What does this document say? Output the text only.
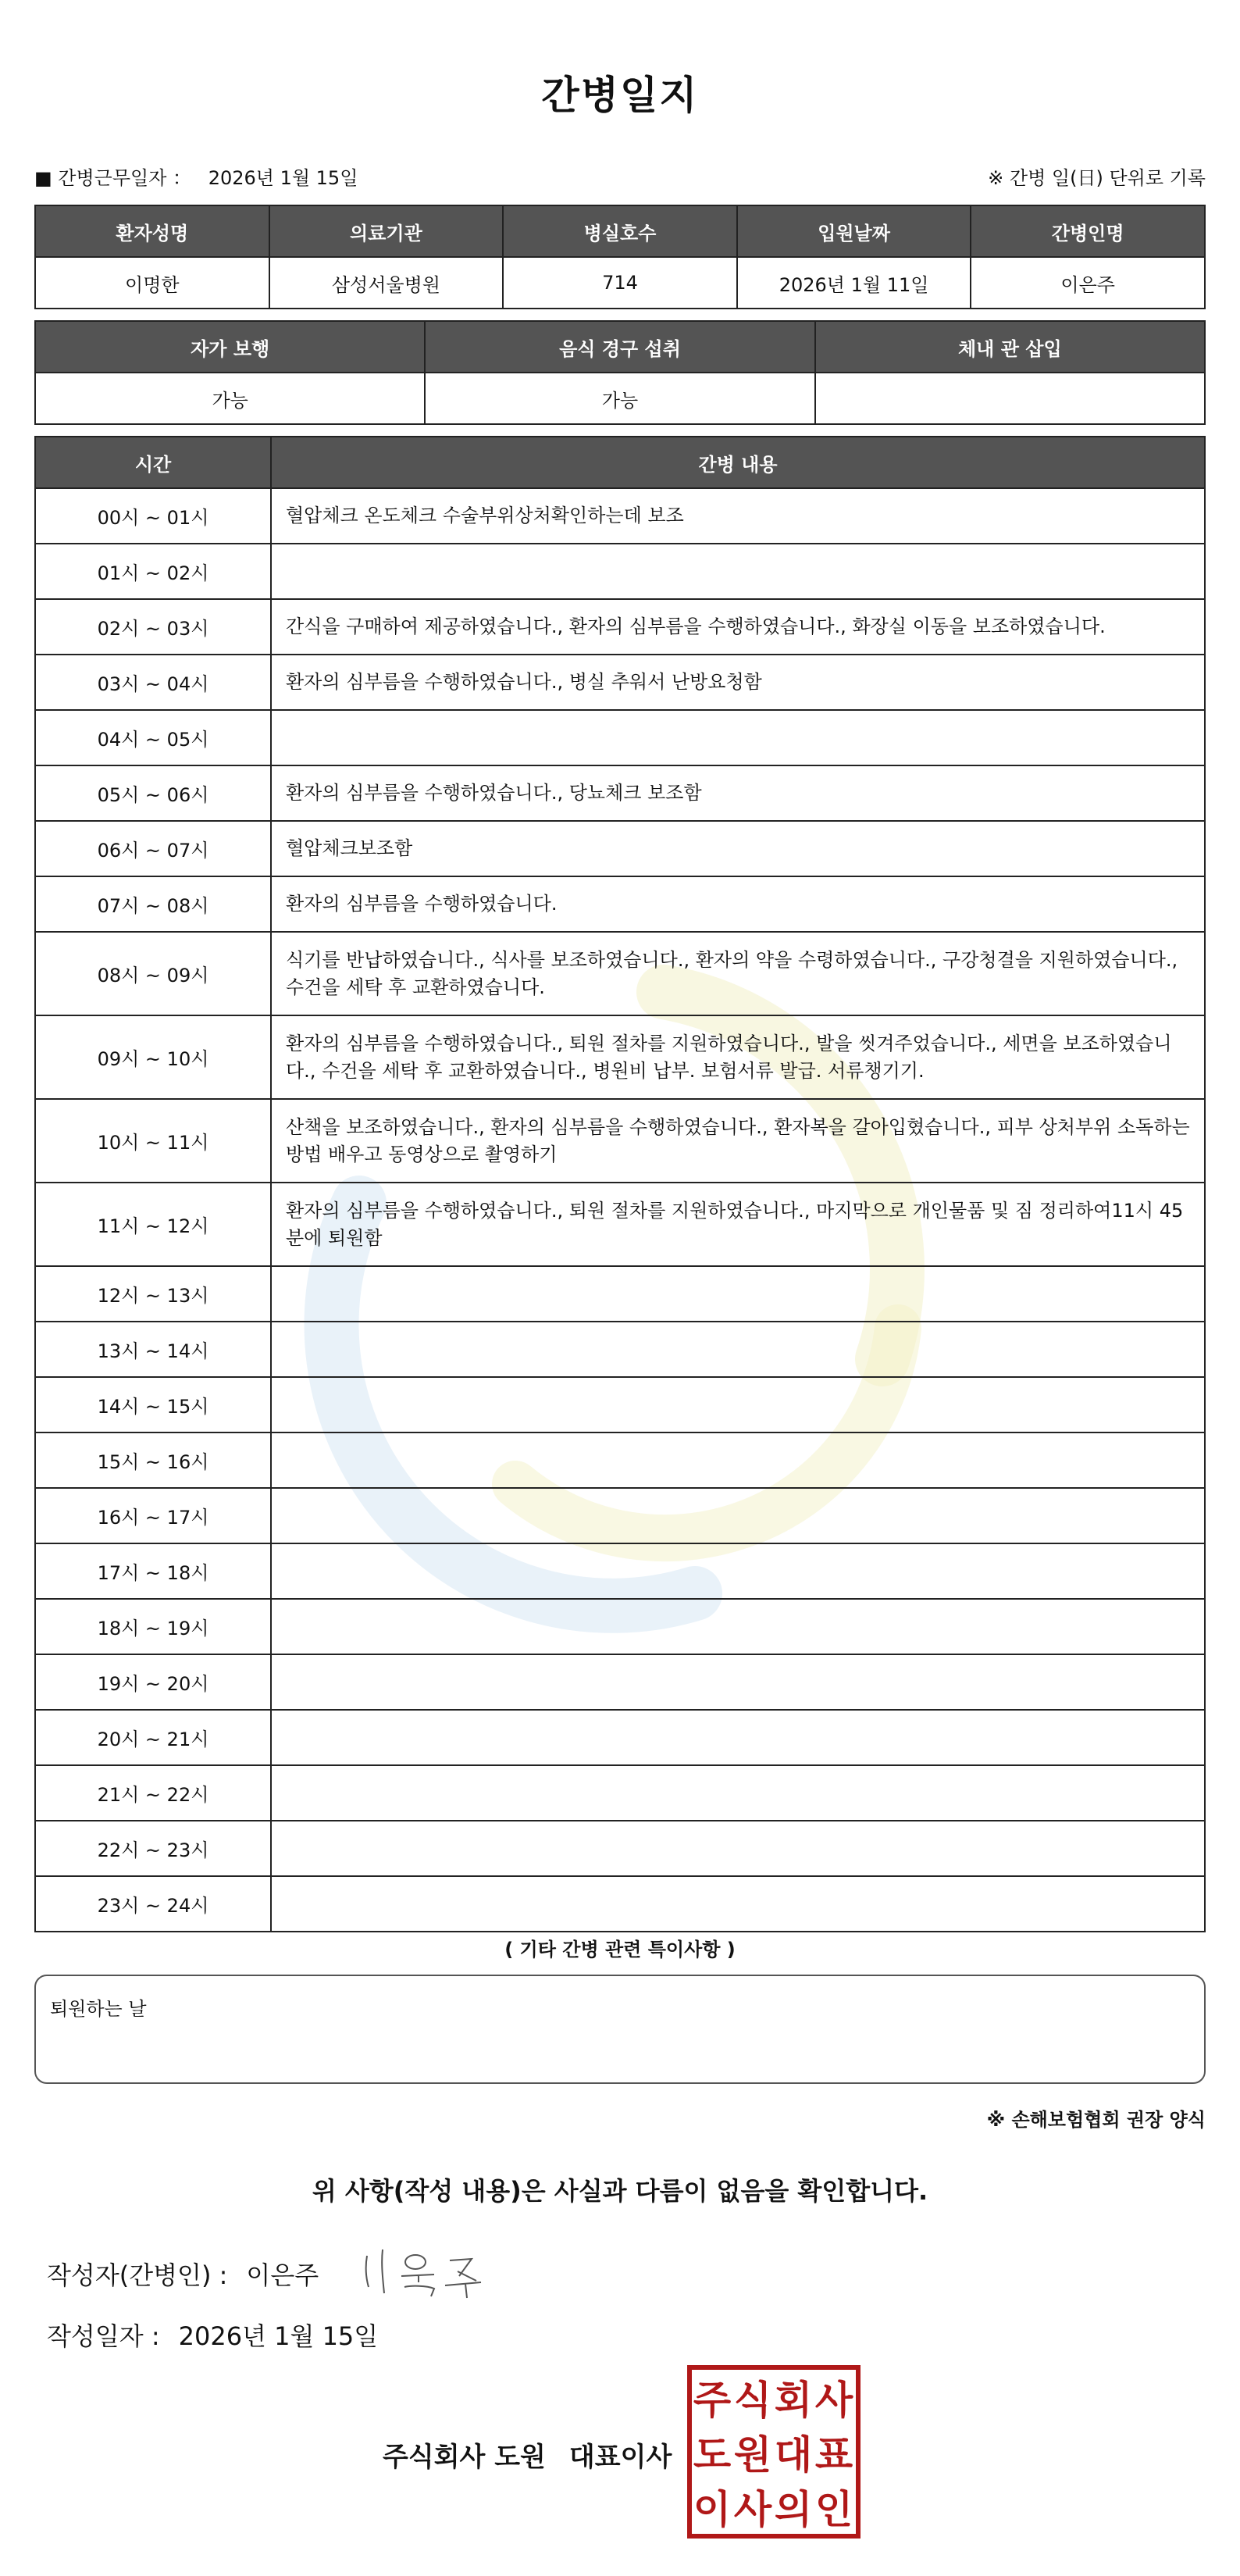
간병일지
■ 간병근무일자 ： 2026년 1월 15일	※ 간병 일(日) 단위로 기록
환자성명	의료기관	병실호수	입원날짜	간병인명
이명한	삼성서울병원	714	2026년 1월 11일	이은주
자가 보행	음식 경구 섭취	체내 관 삽입
가능	가능	
시간	간병 내용
00시 ~ 01시	혈압체크 온도체크 수술부위상처확인하는데 보조
01시 ~ 02시	
02시 ~ 03시	간식을 구매하여 제공하였습니다., 환자의 심부름을 수행하였습니다., 화장실 이동을 보조하였습니다.
03시 ~ 04시	환자의 심부름을 수행하였습니다., 병실 추워서 난방요청함
04시 ~ 05시	
05시 ~ 06시	환자의 심부름을 수행하였습니다., 당뇨체크 보조함
06시 ~ 07시	혈압체크보조함
07시 ~ 08시	환자의 심부름을 수행하였습니다.
08시 ~ 09시	식기를 반납하였습니다., 식사를 보조하였습니다., 환자의 약을 수령하였습니다., 구강청결을 지원하였습니다., 수건을 세탁 후 교환하였습니다.
09시 ~ 10시	환자의 심부름을 수행하였습니다., 퇴원 절차를 지원하였습니다., 발을 씻겨주었습니다., 세면을 보조하였습니다., 수건을 세탁 후 교환하였습니다., 병원비 납부. 보험서류 발급. 서류챙기기.
10시 ~ 11시	산책을 보조하였습니다., 환자의 심부름을 수행하였습니다., 환자복을 갈아입혔습니다., 피부 상처부위 소독하는 방법 배우고 동영상으로 촬영하기
11시 ~ 12시	환자의 심부름을 수행하였습니다., 퇴원 절차를 지원하였습니다., 마지막으로 개인물품 및 짐 정리하여11시 45분에 퇴원함
12시 ~ 13시	
13시 ~ 14시	
14시 ~ 15시	
15시 ~ 16시	
16시 ~ 17시	
17시 ~ 18시	
18시 ~ 19시	
19시 ~ 20시	
20시 ~ 21시	
21시 ~ 22시	
22시 ~ 23시	
23시 ~ 24시	
( 기타 간병 관련 특이사항 )
퇴원하는 날
※ 손해보험협회 권장 양식
위 사항(작성 내용)은 사실과 다름이 없음을 확인합니다.
작성자(간병인) : 이은주
작성일자 : 2026년 1월 15일
주식회사 도원 대표이사
주 식 회 사
도 원 대 표
이 사 의 인
